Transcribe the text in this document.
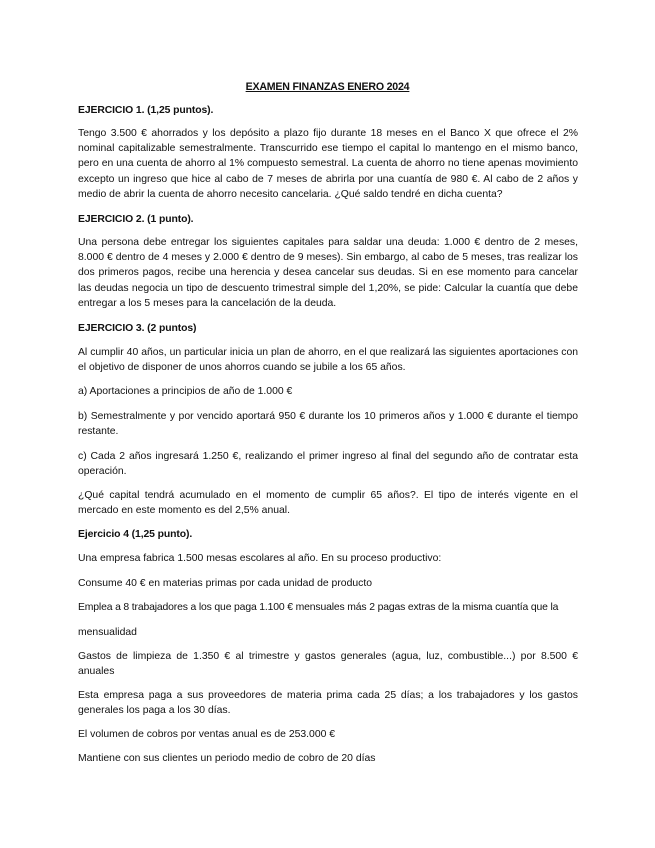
EXAMEN FINANZAS ENERO 2024

EJERCICIO 1. (1,25 puntos).

Tengo 3.500 € ahorrados y los depósito a plazo fijo durante 18 meses en el Banco X que ofrece el 2% nominal capitalizable semestralmente. Transcurrido ese tiempo el capital lo mantengo en el mismo banco, pero en una cuenta de ahorro al 1% compuesto semestral. La cuenta de ahorro no tiene apenas movimiento excepto un ingreso que hice al cabo de 7 meses de abrirla por una cuantía de 980 €. Al cabo de 2 años y medio de abrir la cuenta de ahorro necesito cancelaria. ¿Qué saldo tendré en dicha cuenta?

EJERCICIO 2. (1 punto).

Una persona debe entregar los siguientes capitales para saldar una deuda: 1.000 € dentro de 2 meses, 8.000 € dentro de 4 meses y 2.000 € dentro de 9 meses). Sin embargo, al cabo de 5 meses, tras realizar los dos primeros pagos, recibe una herencia y desea cancelar sus deudas. Si en ese momento para cancelar las deudas negocia un tipo de descuento trimestral simple del 1,20%, se pide: Calcular la cuantía que debe entregar a los 5 meses para la cancelación de la deuda.

EJERCICIO 3. (2 puntos)

Al cumplir 40 años, un particular inicia un plan de ahorro, en el que realizará las siguientes aportaciones con el objetivo de disponer de unos ahorros cuando se jubile a los 65 años.

a) Aportaciones a principios de año de 1.000 €

b) Semestralmente y por vencido aportará 950 € durante los 10 primeros años y 1.000 € durante el tiempo restante.

c) Cada 2 años ingresará 1.250 €, realizando el primer ingreso al final del segundo año de contratar esta operación.

¿Qué capital tendrá acumulado en el momento de cumplir 65 años?. El tipo de interés vigente en el mercado en este momento es del 2,5% anual.

Ejercicio 4 (1,25 punto).

Una empresa fabrica 1.500 mesas escolares al año. En su proceso productivo:

Consume 40 € en materias primas por cada unidad de producto

Emplea a 8 trabajadores a los que paga 1.100 € mensuales más 2 pagas extras de la misma cuantía que la

mensualidad

Gastos de limpieza de 1.350 € al trimestre y gastos generales (agua, luz, combustible...) por 8.500 € anuales

Esta empresa paga a sus proveedores de materia prima cada 25 días; a los trabajadores y los gastos generales los paga a los 30 días.

El volumen de cobros por ventas anual es de 253.000 €

Mantiene con sus clientes un periodo medio de cobro de 20 días
